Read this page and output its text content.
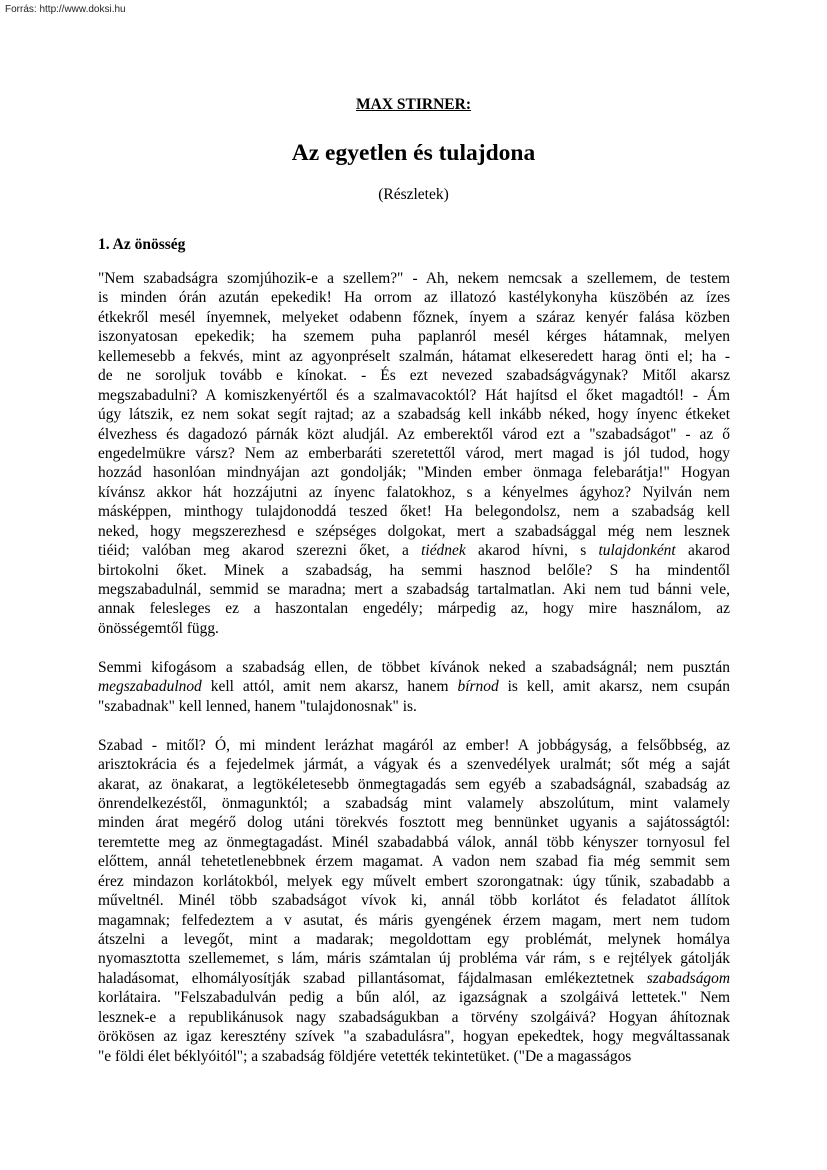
Forrás: http://www.doksi.hu
MAX STIRNER:
Az egyetlen és tulajdona
(Részletek)
1. Az önösség
"Nem szabadságra szomjúhozik-e a szellem?" - Ah, nekem nemcsak a szellemem, de testem
is minden órán azután epekedik! Ha orrom az illatozó kastélykonyha küszöbén az ízes
étkekről mesél ínyemnek, melyeket odabenn főznek, ínyem a száraz kenyér falása közben
iszonyatosan epekedik; ha szemem puha paplanról mesél kérges hátamnak, melyen
kellemesebb a fekvés, mint az agyonpréselt szalmán, hátamat elkeseredett harag önti el; ha -
de ne soroljuk tovább e kínokat. - És ezt nevezed szabadságvágynak? Mitől akarsz
megszabadulni? A komiszkenyértől és a szalmavacoktól? Hát hajítsd el őket magadtól! - Ám
úgy látszik, ez nem sokat segít rajtad; az a szabadság kell inkább néked, hogy ínyenc étkeket
élvezhess és dagadozó párnák közt aludjál. Az emberektől várod ezt a "szabadságot" - az ő
engedelmükre vársz? Nem az emberbaráti szeretettől várod, mert magad is jól tudod, hogy
hozzád hasonlóan mindnyájan azt gondolják; "Minden ember önmaga felebarátja!" Hogyan
kívánsz akkor hát hozzájutni az ínyenc falatokhoz, s a kényelmes ágyhoz? Nyilván nem
másképpen, minthogy tulajdonoddá teszed őket! Ha belegondolsz, nem a szabadság kell
neked, hogy megszerezhesd e szépséges dolgokat, mert a szabadsággal még nem lesznek
tiéid; valóban meg akarod szerezni őket, a tiédnek akarod hívni, s tulajdonként akarod
birtokolni őket. Minek a szabadság, ha semmi hasznod belőle? S ha mindentől
megszabadulnál, semmid se maradna; mert a szabadság tartalmatlan. Aki nem tud bánni vele,
annak felesleges ez a haszontalan engedély; márpedig az, hogy mire használom, az
önösségemtől függ.
Semmi kifogásom a szabadság ellen, de többet kívánok neked a szabadságnál; nem pusztán
megszabadulnod kell attól, amit nem akarsz, hanem bírnod is kell, amit akarsz, nem csupán
"szabadnak" kell lenned, hanem "tulajdonosnak" is.
Szabad - mitől? Ó, mi mindent lerázhat magáról az ember! A jobbágyság, a felsőbbség, az
arisztokrácia és a fejedelmek jármát, a vágyak és a szenvedélyek uralmát; sőt még a saját
akarat, az önakarat, a legtökéletesebb önmegtagadás sem egyéb a szabadságnál, szabadság az
önrendelkezéstől, önmagunktól; a szabadság mint valamely abszolútum, mint valamely
minden árat megérő dolog utáni törekvés fosztott meg bennünket ugyanis a sajátosságtól:
teremtette meg az önmegtagadást. Minél szabadabbá válok, annál több kényszer tornyosul fel
előttem, annál tehetetlenebbnek érzem magamat. A vadon nem szabad fia még semmit sem
érez mindazon korlátokból, melyek egy művelt embert szorongatnak: úgy tűnik, szabadabb a
műveltnél. Minél több szabadságot vívok ki, annál több korlátot és feladatot állítok
magamnak; felfedeztem a v asutat, és máris gyengének érzem magam, mert nem tudom
átszelni a levegőt, mint a madarak; megoldottam egy problémát, melynek homálya
nyomasztotta szellememet, s lám, máris számtalan új probléma vár rám, s e rejtélyek gátolják
haladásomat, elhomályosítják szabad pillantásomat, fájdalmasan emlékeztetnek szabadságom
korlátaira. "Felszabadulván pedig a bűn alól, az igazságnak a szolgáivá lettetek." Nem
lesznek-e a republikánusok nagy szabadságukban a törvény szolgáivá? Hogyan áhítoznak
örökösen az igaz keresztény szívek "a szabadulásra", hogyan epekedtek, hogy megváltassanak
"e földi élet béklyóitól"; a szabadság földjére vetették tekintetüket. ("De a magasságos
